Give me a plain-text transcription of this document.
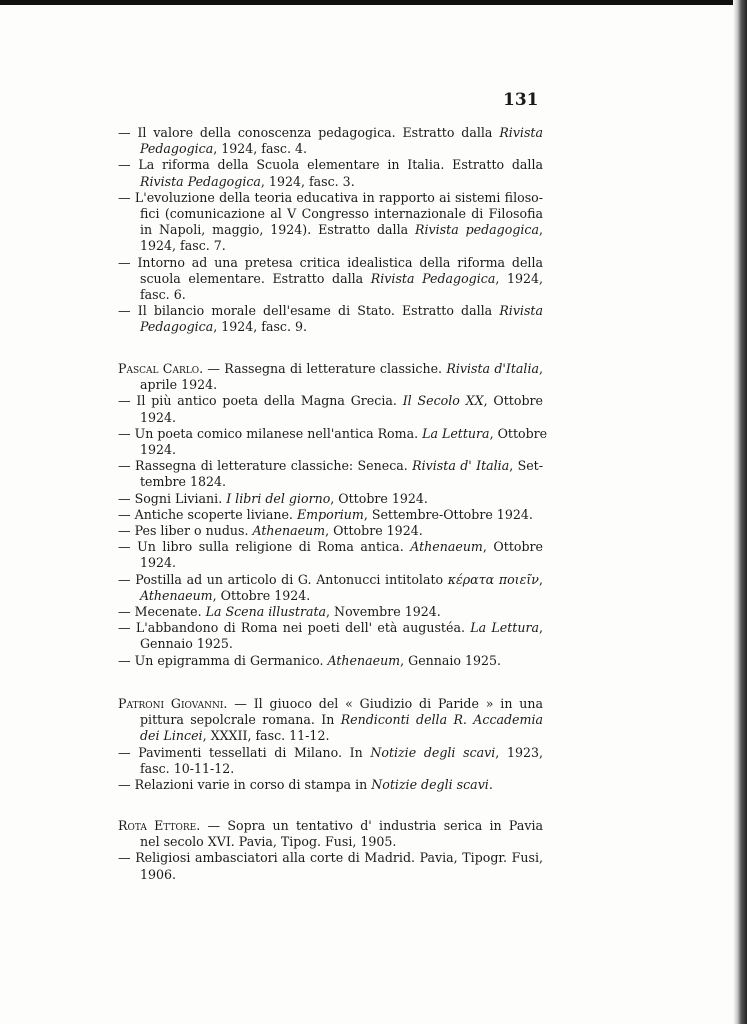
131
— Il valore della conoscenza pedagogica. Estratto dalla Rivista
Pedagogica, 1924, fasc. 4.
— La riforma della Scuola elementare in Italia. Estratto dalla
Rivista Pedagogica, 1924, fasc. 3.
— L'evoluzione della teoria educativa in rapporto ai sistemi filoso-
fici (comunicazione al V Congresso internazionale di Filosofia
in Napoli, maggio, 1924). Estratto dalla Rivista pedagogica,
1924, fasc. 7.
— Intorno ad una pretesa critica idealistica della riforma della
scuola elementare. Estratto dalla Rivista Pedagogica, 1924,
fasc. 6.
— Il bilancio morale dell'esame di Stato. Estratto dalla Rivista
Pedagogica, 1924, fasc. 9.
Pascal Carlo. — Rassegna di letterature classiche. Rivista d'Italia,
aprile 1924.
— Il più antico poeta della Magna Grecia. Il Secolo XX, Ottobre
1924.
— Un poeta comico milanese nell'antica Roma. La Lettura, Ottobre
1924.
— Rassegna di letterature classiche: Seneca. Rivista d' Italia, Set-
tembre 1824.
— Sogni Liviani. I libri del giorno, Ottobre 1924.
— Antiche scoperte liviane. Emporium, Settembre-Ottobre 1924.
— Pes liber o nudus. Athenaeum, Ottobre 1924.
— Un libro sulla religione di Roma antica. Athenaeum, Ottobre
1924.
— Postilla ad un articolo di G. Antonucci intitolato κέρατα ποιεῖν,
Athenaeum, Ottobre 1924.
— Mecenate. La Scena illustrata, Novembre 1924.
— L'abbandono di Roma nei poeti dell' età augustéa. La Lettura,
Gennaio 1925.
— Un epigramma di Germanico. Athenaeum, Gennaio 1925.
Patroni Giovanni. — Il giuoco del « Giudizio di Paride » in una
pittura sepolcrale romana. In Rendiconti della R. Accademia
dei Lincei, XXXII, fasc. 11-12.
— Pavimenti tessellati di Milano. In Notizie degli scavi, 1923,
fasc. 10-11-12.
— Relazioni varie in corso di stampa in Notizie degli scavi.
Rota Ettore. — Sopra un tentativo d' industria serica in Pavia
nel secolo XVI. Pavia, Tipog. Fusi, 1905.
— Religiosi ambasciatori alla corte di Madrid. Pavia, Tipogr. Fusi,
1906.
